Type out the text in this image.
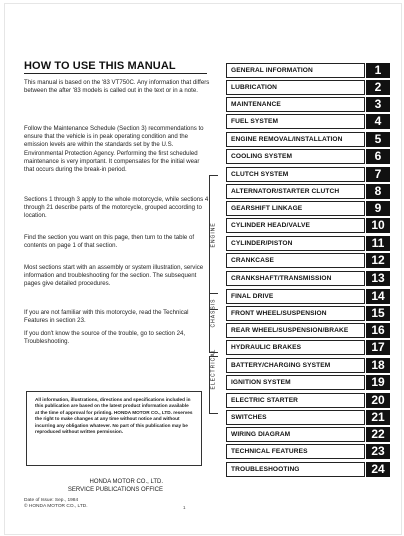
HOW TO USE THIS MANUAL

This manual is based on the '83 VT750C. Any information that differs between the after '83 models is called out in the text or in a note.

Follow the Maintenance Schedule (Section 3) recommendations to ensure that the vehicle is in peak operating condition and the emission levels are within the standards set by the U.S. Environmental Protection Agency. Performing the first scheduled maintenance is very important. It compensates for the initial wear that occurs during the break-in period.

Sections 1 through 3 apply to the whole motorcycle, while sections 4 through 21 describe parts of the motorcycle, grouped according to location.

Find the section you want on this page, then turn to the table of contents on page 1 of that section.

Most sections start with an assembly or system illustration, service information and troubleshooting for the section. The subsequent pages give detailed procedures.

If you are not familiar with this motorcycle, read the Technical Features in section 23.

If you don't know the source of the trouble, go to section 24, Troubleshooting.

All information, illustrations, directions and specifications included in this publication are based on the latest product information available at the time of approval for printing. HONDA MOTOR CO., LTD. reserves the right to make changes at any time without notice and without incurring any obligation whatever. No part of this publication may be reproduced without written permission.

HONDA MOTOR CO., LTD.
SERVICE PUBLICATIONS OFFICE
Date of Issue: Sep., 1984
© HONDA MOTOR CO., LTD.	1
ENGINE
CHASSIS
ELECTRICAL
GENERAL INFORMATION	1
LUBRICATION	2
MAINTENANCE	3
FUEL SYSTEM	4
ENGINE REMOVAL/INSTALLATION	5
COOLING SYSTEM	6
CLUTCH SYSTEM	7
ALTERNATOR/STARTER CLUTCH	8
GEARSHIFT LINKAGE	9
CYLINDER HEAD/VALVE	10
CYLINDER/PISTON	11
CRANKCASE	12
CRANKSHAFT/TRANSMISSION	13
FINAL DRIVE	14
FRONT WHEEL/SUSPENSION	15
REAR WHEEL/SUSPENSION/BRAKE	16
HYDRAULIC BRAKES	17
BATTERY/CHARGING SYSTEM	18
IGNITION SYSTEM	19
ELECTRIC STARTER	20
SWITCHES	21
WIRING DIAGRAM	22
TECHNICAL FEATURES	23
TROUBLESHOOTING	24
